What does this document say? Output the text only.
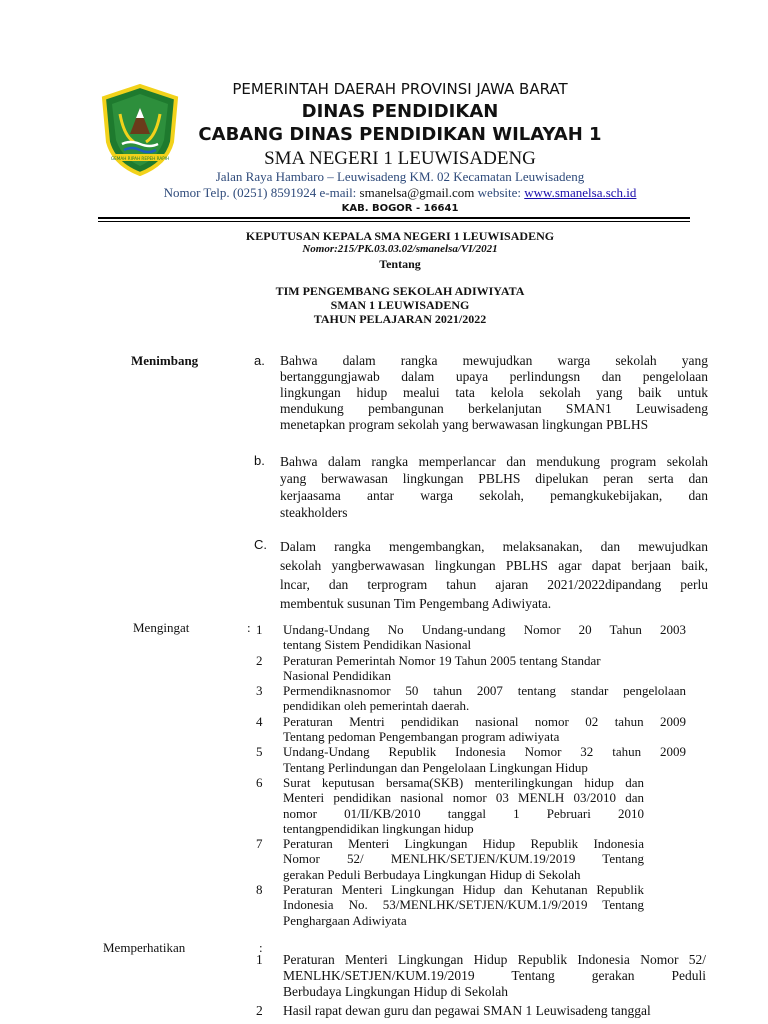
GEMAH RIPAH REPEH RAPIH
PEMERINTAH DAERAH PROVINSI JAWA BARAT
DINAS PENDIDIKAN
CABANG DINAS PENDIDIKAN WILAYAH 1
SMA NEGERI 1 LEUWISADENG
Jalan Raya Hambaro – Leuwisadeng KM. 02 Kecamatan Leuwisadeng
Nomor Telp. (0251) 8591924 e-mail: smanelsa@gmail.com website: www.smanelsa.sch.id
KAB. BOGOR - 16641
KEPUTUSAN KEPALA SMA NEGERI 1 LEUWISADENG
Nomor:215/PK.03.03.02/smanelsa/VI/2021
Tentang
TIM PENGEMBANG SEKOLAH ADIWIYATA
SMAN 1 LEUWISADENG
TAHUN PELAJARAN 2021/2022
Menimbang	a. Bahwa dalam rangka mewujudkan warga sekolah yang
bertanggungjawab dalam upaya perlindungsn dan pengelolaan
lingkungan hidup mealui tata kelola sekolah yang baik untuk
mendukung pembangunan berkelanjutan SMAN1 Leuwisadeng
menetapkan program sekolah yang berwawasan lingkungan PBLHS
b. Bahwa dalam rangka memperlancar dan mendukung program sekolah
yang berwawasan lingkungan PBLHS dipelukan peran serta dan
kerjaasama antar warga sekolah, pemangkukebijakan, dan
steakholders
C. Dalam rangka mengembangkan, melaksanakan, dan mewujudkan
sekolah yangberwawasan lingkungan PBLHS agar dapat berjaan baik,
lncar, dan terprogram tahun ajaran 2021/2022dipandang perlu
membentuk susunan Tim Pengembang Adiwiyata.
Mengingat	: 1 Undang-Undang No Undang-undang Nomor 20 Tahun 2003
tentang Sistem Pendidikan Nasional
2 Peraturan Pemerintah Nomor 19 Tahun 2005 tentang Standar
Nasional Pendidikan
3 Permendiknasnomor 50 tahun 2007 tentang standar pengelolaan
pendidikan oleh pemerintah daerah.
4 Peraturan Mentri pendidikan nasional nomor 02 tahun 2009
Tentang pedoman Pengembangan program adiwiyata
5 Undang-Undang Republik Indonesia Nomor 32 tahun 2009
Tentang Perlindungan dan Pengelolaan Lingkungan Hidup
6 Surat keputusan bersama(SKB) menterilingkungan hidup dan
Menteri pendidikan nasional nomor 03 MENLH 03/2010 dan
nomor 01/II/KB/2010 tanggal 1 Pebruari 2010
tentangpendidikan lingkungan hidup
7 Peraturan Menteri Lingkungan Hidup Republik Indonesia
Nomor 52/ MENLHK/SETJEN/KUM.19/2019 Tentang
gerakan Peduli Berbudaya Lingkungan Hidup di Sekolah
8 Peraturan Menteri Lingkungan Hidup dan Kehutanan Republik
Indonesia No. 53/MENLHK/SETJEN/KUM.1/9/2019 Tentang
Penghargaan Adiwiyata
Memperhatikan	:
1 Peraturan Menteri Lingkungan Hidup Republik Indonesia Nomor 52/
MENLHK/SETJEN/KUM.19/2019 Tentang gerakan Peduli
Berbudaya Lingkungan Hidup di Sekolah
2 Hasil rapat dewan guru dan pegawai SMAN 1 Leuwisadeng tanggal
